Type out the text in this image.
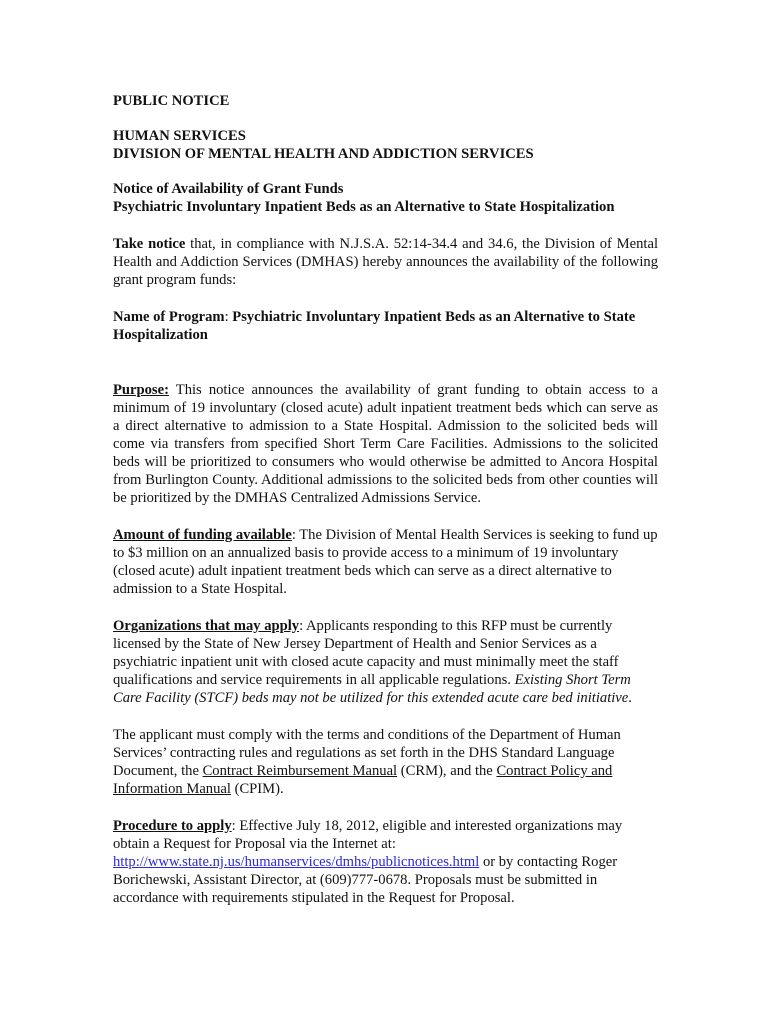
PUBLIC NOTICE

HUMAN SERVICES

DIVISION OF MENTAL HEALTH AND ADDICTION SERVICES

Notice of Availability of Grant Funds

Psychiatric Involuntary Inpatient Beds as an Alternative to State Hospitalization

Take notice that, in compliance with N.J.S.A. 52:14-34.4 and 34.6, the Division of Mental Health and Addiction Services (DMHAS) hereby announces the availability of the following grant program funds:

Name of Program: Psychiatric Involuntary Inpatient Beds as an Alternative to State Hospitalization

Purpose: This notice announces the availability of grant funding to obtain access to a minimum of 19 involuntary (closed acute) adult inpatient treatment beds which can serve as a direct alternative to admission to a State Hospital. Admission to the solicited beds will come via transfers from specified Short Term Care Facilities. Admissions to the solicited beds will be prioritized to consumers who would otherwise be admitted to Ancora Hospital from Burlington County. Additional admissions to the solicited beds from other counties will be prioritized by the DMHAS Centralized Admissions Service.

Amount of funding available: The Division of Mental Health Services is seeking to fund up to $3 million on an annualized basis to provide access to a minimum of 19 involuntary (closed acute) adult inpatient treatment beds which can serve as a direct alternative to admission to a State Hospital.

Organizations that may apply: Applicants responding to this RFP must be currently licensed by the State of New Jersey Department of Health and Senior Services as a psychiatric inpatient unit with closed acute capacity and must minimally meet the staff qualifications and service requirements in all applicable regulations. Existing Short Term Care Facility (STCF) beds may not be utilized for this extended acute care bed initiative.

The applicant must comply with the terms and conditions of the Department of Human Services’ contracting rules and regulations as set forth in the DHS Standard Language Document, the Contract Reimbursement Manual (CRM), and the Contract Policy and Information Manual (CPIM).

Procedure to apply: Effective July 18, 2012, eligible and interested organizations may obtain a Request for Proposal via the Internet at: http://www.state.nj.us/humanservices/dmhs/publicnotices.html or by contacting Roger Borichewski, Assistant Director, at (609)777-0678. Proposals must be submitted in accordance with requirements stipulated in the Request for Proposal.
